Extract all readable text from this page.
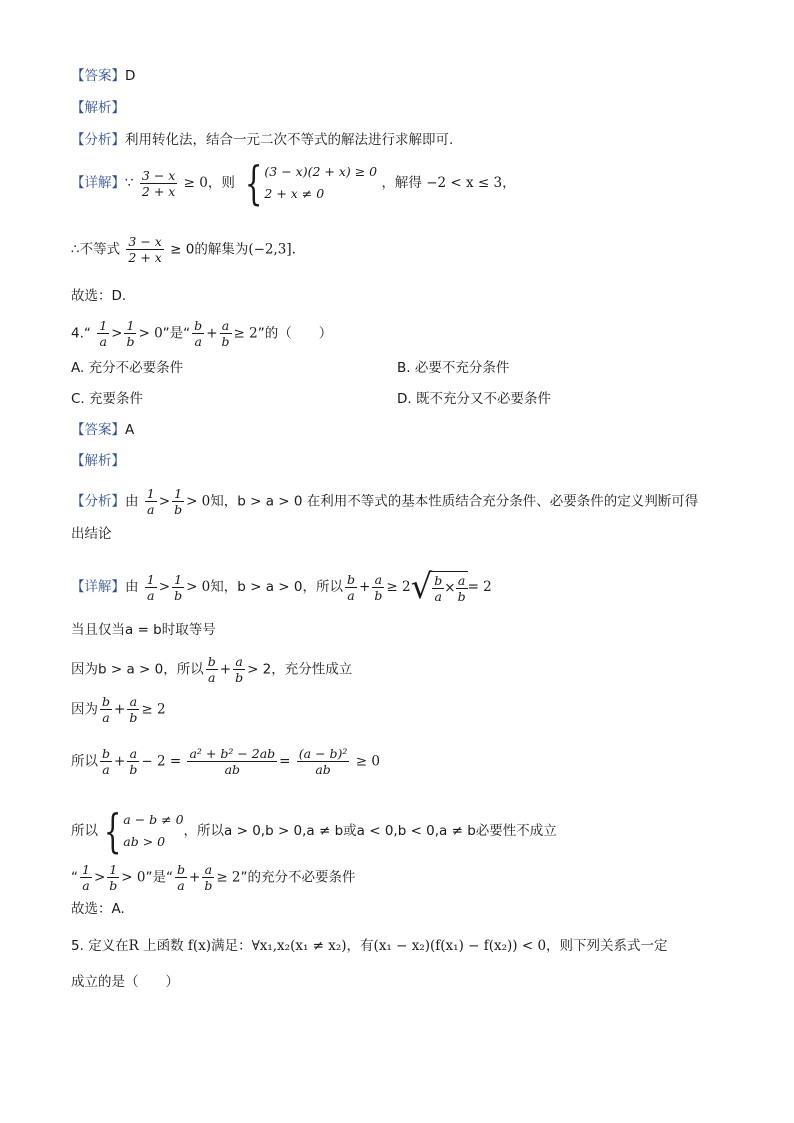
【答案】D
【解析】
【分析】利用转化法，结合一元二次不等式的解法进行求解即可.
【详解】∵ $\frac{3 - x}{2 + x} \ge 0$，则 { (3 − x)(2 + x) ≥ 0
2 + x ≠ 0
，解得 −2 < x ≤ 3，
∴不等式 $\frac{3 - x}{2 + x} \ge 0$的解集为(−2,3].
故选：D.
4.“ $\frac{1}{a} > \frac{1}{b} > 0$”是“ $\frac{b}{a} + \frac{a}{b} \ge 2$”的（　　）
A. 充分不必要条件	B. 必要不充分条件
C. 充要条件	D. 既不充分又不必要条件
【答案】A
【解析】
【分析】由 $\frac{1}{a} > \frac{1}{b} > 0$知，b > a > 0 在利用不等式的基本性质结合充分条件、必要条件的定义判断可得
出结论
【详解】由 $\frac{1}{a} > \frac{1}{b} > 0$知，b > a > 0，所以 $\frac{b}{a} + \frac{a}{b} \ge 2√ \frac{b}{a} \times \frac{a}{b} = 2$
当且仅当a = b时取等号
因为b > a > 0，所以 $\frac{b}{a} + \frac{a}{b} > 2$，充分性成立
因为 $\frac{b}{a} + \frac{a}{b} \ge 2$
所以 $\frac{b}{a} + \frac{a}{b} - 2 = \frac{\text{a² + b² − 2ab}}{ab} = \frac{\text{(a − b)²}}{ab} \ge 0$
所以 { a − b ≠ 0
ab > 0
，所以a > 0,b > 0,a ≠ b或a < 0,b < 0,a ≠ b必要性不成立
“ $\frac{1}{a} > \frac{1}{b} > 0$”是“ $\frac{b}{a} + \frac{a}{b} \ge 2$”的充分不必要条件
故选：A.
5. 定义在R 上函数 f(x)满足：∀x₁,x₂(x₁ ≠ x₂)，有(x₁ − x₂)(f(x₁) − f(x₂)) < 0，则下列关系式一定
成立的是（　　）
